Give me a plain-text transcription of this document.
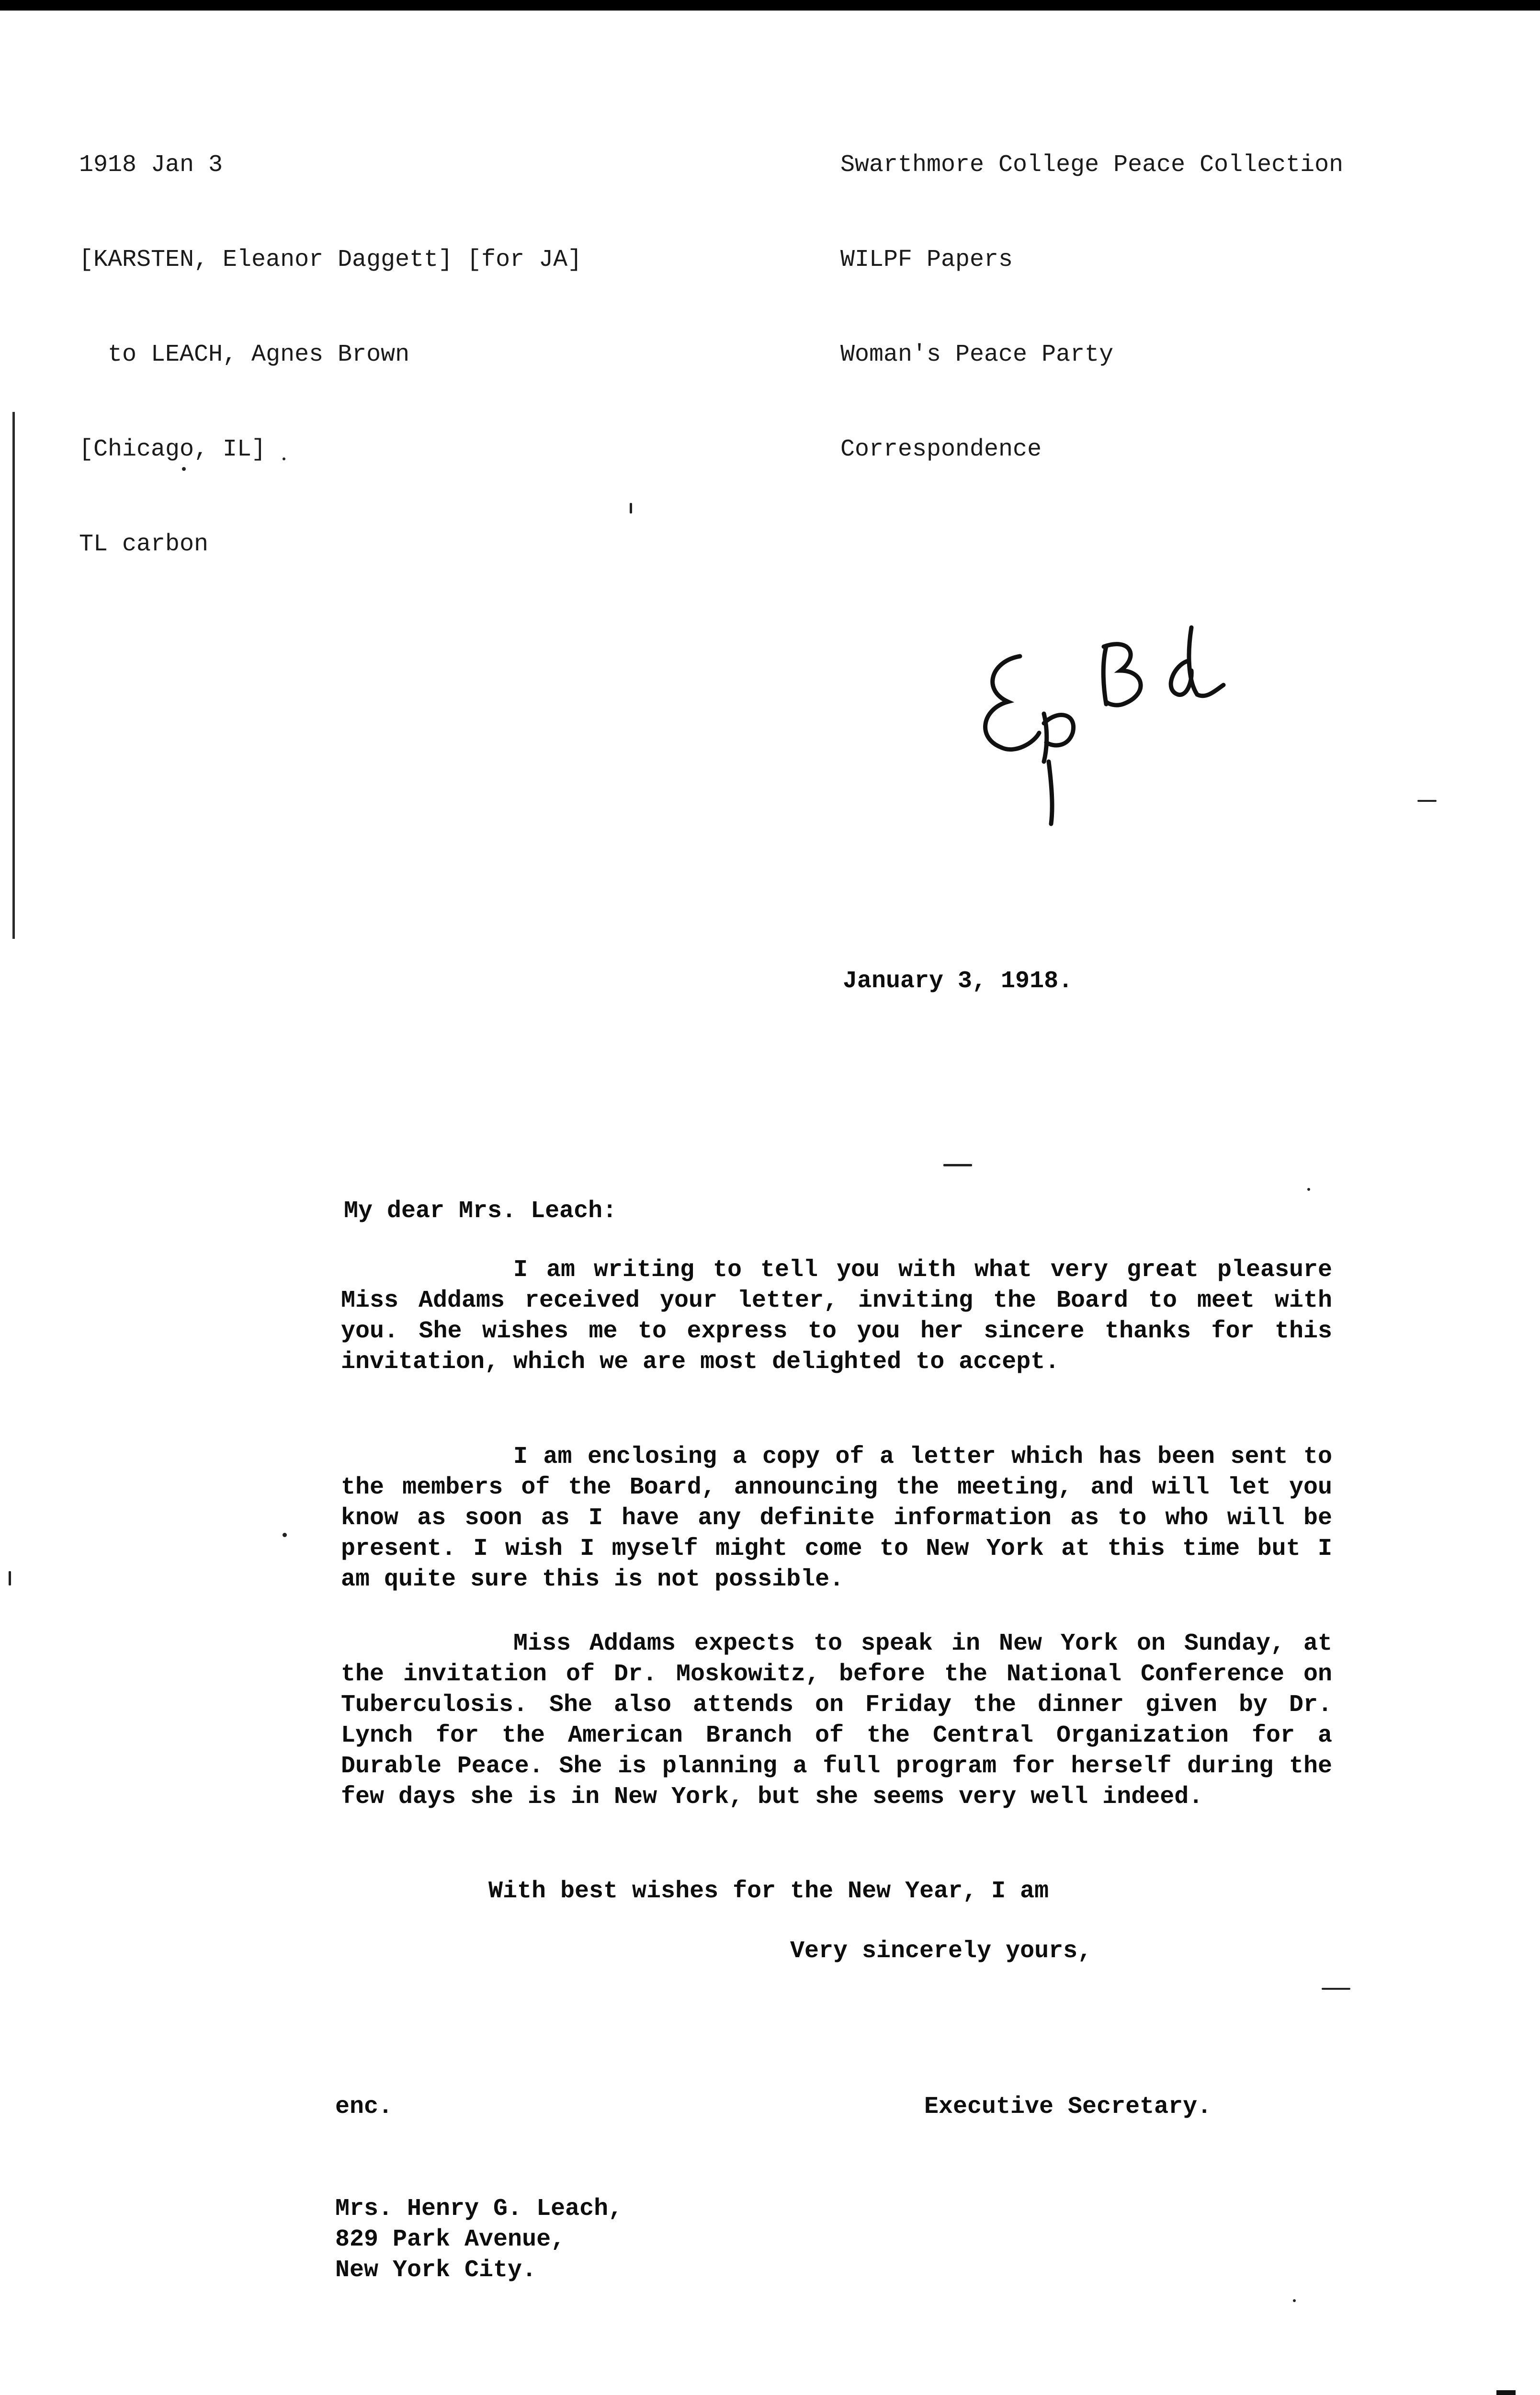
1918 Jan 3

[KARSTEN, Eleanor Daggett] [for JA]

to LEACH, Agnes Brown

[Chicago, IL]

TL carbon

Swarthmore College Peace Collection

WILPF Papers

Woman's Peace Party

Correspondence

January 3, 1918.
My dear Mrs. Leach:
I am writing to tell you with what very great pleasure Miss Addams received your letter, inviting the Board to meet with you. She wishes me to express to you her sincere thanks for this invitation, which we are most delighted to accept.
I am enclosing a copy of a letter which has been sent to the members of the Board, announcing the meeting, and will let you know as soon as I have any definite information as to who will be present. I wish I myself might come to New York at this time but I am quite sure this is not possible.
Miss Addams expects to speak in New York on Sunday, at the invitation of Dr. Moskowitz, before the National Conference on Tuberculosis. She also attends on Friday the dinner given by Dr. Lynch for the American Branch of the Central Organization for a Durable Peace. She is planning a full program for herself during the few days she is in New York, but she seems very well indeed.
With best wishes for the New Year, I am
Very sincerely yours,
enc.	Executive Secretary.
Mrs. Henry G. Leach,
829 Park Avenue,
New York City.
